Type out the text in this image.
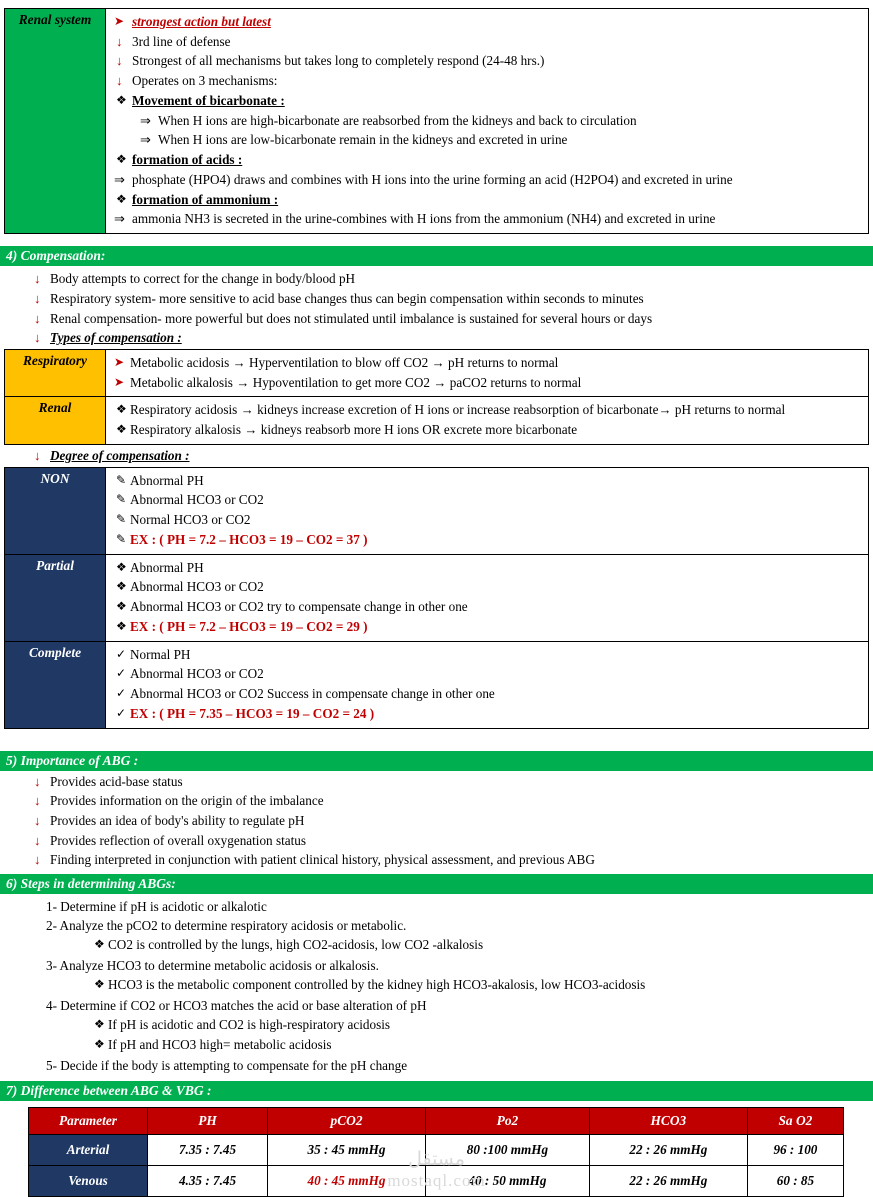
Renal system	
➤strongest action but latest
↓ 3rd line of defense
↓ Strongest of all mechanisms but takes long to completely respond (24-48 hrs.)
↓ Operates on 3 mechanisms:
❖ Movement of bicarbonate :
⇒ When H ions are high-bicarbonate are reabsorbed from the kidneys and back to circulation
⇒ When H ions are low-bicarbonate remain in the kidneys and excreted in urine
❖ formation of acids :
⇒ phosphate (HPO4) draws and combines with H ions into the urine forming an acid (H2PO4) and excreted in urine
❖ formation of ammonium :
⇒ ammonia NH3 is secreted in the urine-combines with H ions from the ammonium (NH4) and excreted in urine
4) Compensation:
↓ Body attempts to correct for the change in body/blood pH
↓ Respiratory system- more sensitive to acid base changes thus can begin compensation within seconds to minutes
↓ Renal compensation- more powerful but does not stimulated until imbalance is sustained for several hours or days
↓ Types of compensation :
Respiratory	
➤Metabolic acidosis → Hyperventilation to blow off CO2 → pH returns to normal
➤ Metabolic alkalosis → Hypoventilation to get more CO2 → paCO2 returns to normal

Renal	
❖Respiratory acidosis → kidneys increase excretion of H ions or increase reabsorption of bicarbonate→ pH returns to normal
❖ Respiratory alkalosis → kidneys reabsorb more H ions OR excrete more bicarbonate
↓ Degree of compensation :
NON	
✎Abnormal PH
✎ Abnormal HCO3 or CO2
✎ Normal HCO3 or CO2
✎ EX : ( PH = 7.2 – HCO3 = 19 – CO2 = 37 )

Partial	
❖Abnormal PH
❖ Abnormal HCO3 or CO2
❖ Abnormal HCO3 or CO2 try to compensate change in other one
❖ EX : ( PH = 7.2 – HCO3 = 19 – CO2 = 29 )

Complete	
✓Normal PH
✓ Abnormal HCO3 or CO2
✓ Abnormal HCO3 or CO2 Success in compensate change in other one
✓ EX : ( PH = 7.35 – HCO3 = 19 – CO2 = 24 )
5) Importance of ABG :
↓ Provides acid-base status
↓ Provides information on the origin of the imbalance
↓ Provides an idea of body's ability to regulate pH
↓ Provides reflection of overall oxygenation status
↓ Finding interpreted in conjunction with patient clinical history, physical assessment, and previous ABG
6) Steps in determining ABGs:
1- Determine if pH is acidotic or alkalotic
2- Analyze the pCO2 to determine respiratory acidosis or metabolic.
❖ CO2 is controlled by the lungs, high CO2-acidosis, low CO2 -alkalosis
3- Analyze HCO3 to determine metabolic acidosis or alkalosis.
❖ HCO3 is the metabolic component controlled by the kidney high HCO3-akalosis, low HCO3-acidosis
4- Determine if CO2 or HCO3 matches the acid or base alteration of pH
❖ If pH is acidotic and CO2 is high-respiratory acidosis
❖ If pH and HCO3 high= metabolic acidosis
5- Decide if the body is attempting to compensate for the pH change
7) Difference between ABG & VBG :
Parameter	PH	pCO2	Po2	HCO3	Sa O2
Arterial	7.35 : 7.45	35 : 45 mmHg	80 :100 mmHg	22 : 26 mmHg	96 : 100
Venous	4.35 : 7.45	40 : 45 mmHg	40 : 50 mmHg	22 : 26 mmHg	60 : 85
مستقل
mostaql.com
